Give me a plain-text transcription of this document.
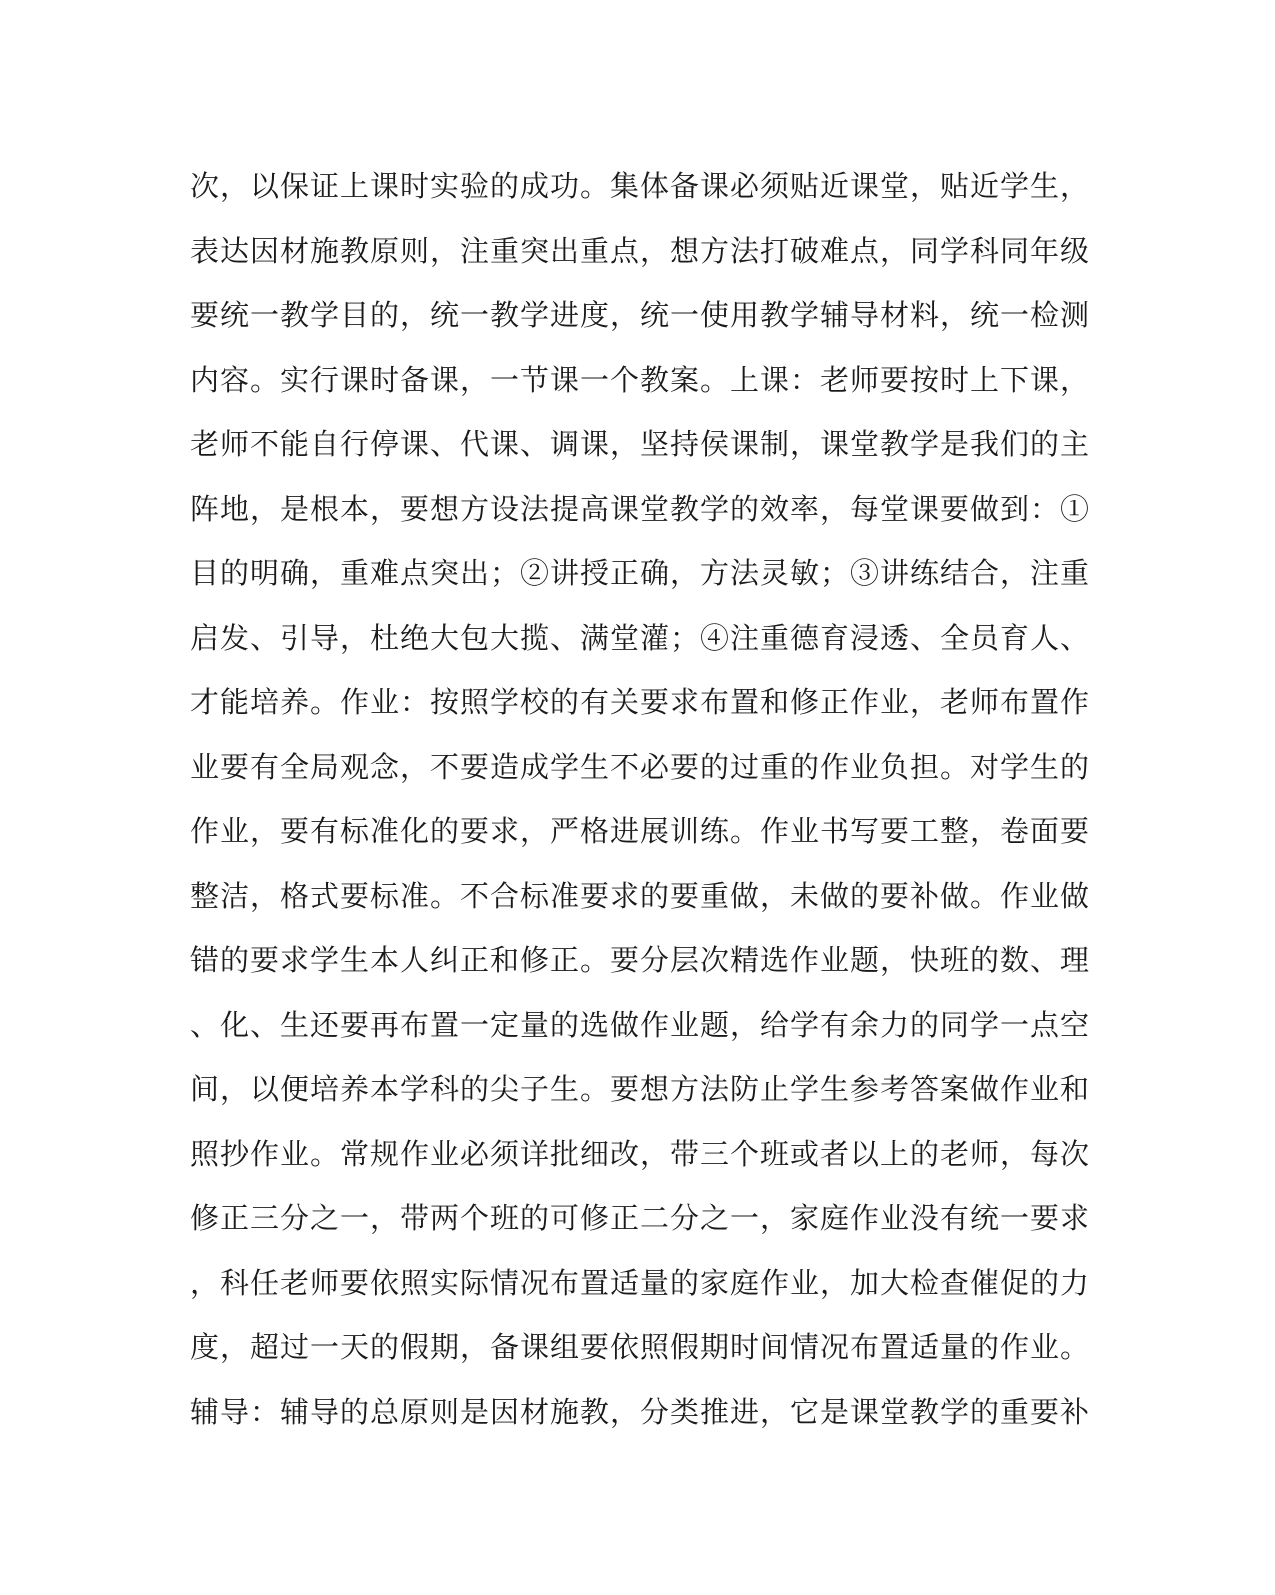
次，以保证上课时实验的成功。集体备课必须贴近课堂，贴近学生，
表达因材施教原则，注重突出重点，想方法打破难点，同学科同年级
要统一教学目的，统一教学进度，统一使用教学辅导材料，统一检测
内容。实行课时备课，一节课一个教案。上课：老师要按时上下课，
老师不能自行停课、代课、调课，坚持侯课制，课堂教学是我们的主
阵地，是根本，要想方设法提高课堂教学的效率，每堂课要做到：①
目的明确，重难点突出；②讲授正确，方法灵敏；③讲练结合，注重
启发、引导，杜绝大包大揽、满堂灌；④注重德育浸透、全员育人、
才能培养。作业：按照学校的有关要求布置和修正作业，老师布置作
业要有全局观念，不要造成学生不必要的过重的作业负担。对学生的
作业，要有标准化的要求，严格进展训练。作业书写要工整，卷面要
整洁，格式要标准。不合标准要求的要重做，未做的要补做。作业做
错的要求学生本人纠正和修正。要分层次精选作业题，快班的数、理
、化、生还要再布置一定量的选做作业题，给学有余力的同学一点空
间，以便培养本学科的尖子生。要想方法防止学生参考答案做作业和
照抄作业。常规作业必须详批细改，带三个班或者以上的老师，每次
修正三分之一，带两个班的可修正二分之一，家庭作业没有统一要求
，科任老师要依照实际情况布置适量的家庭作业，加大检查催促的力
度，超过一天的假期，备课组要依照假期时间情况布置适量的作业。
辅导：辅导的总原则是因材施教，分类推进，它是课堂教学的重要补
